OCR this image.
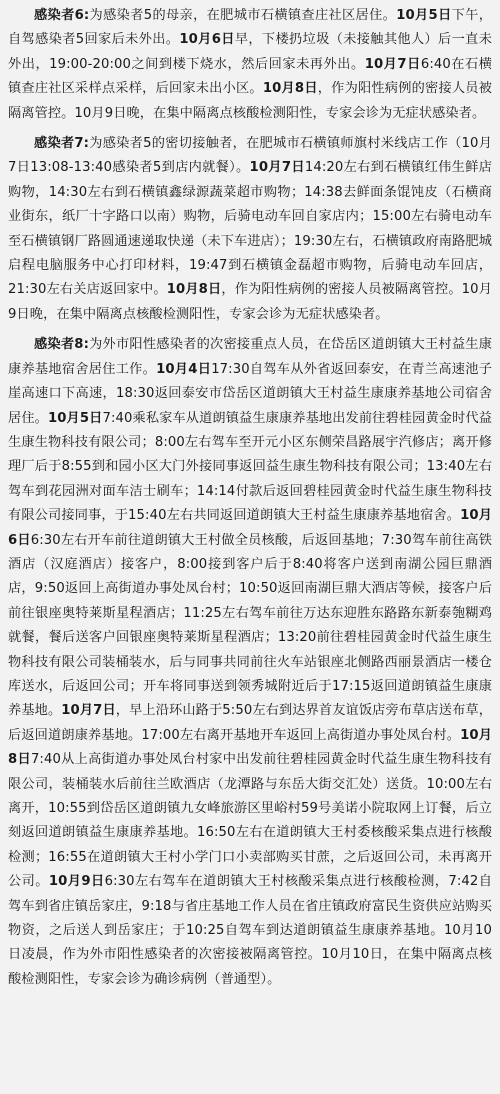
感染者6:为感染者5的母亲，在肥城市石横镇查庄社区居住。10月5日下午，自驾感染者5回家后未外出。10月6日早，下楼扔垃圾（未接触其他人）后一直未外出，19:00-20:00之间到楼下烧水，然后回家未再外出。10月7日6:40在石横镇查庄社区采样点采样，后回家未出小区。10月8日，作为阳性病例的密接人员被隔离管控。10月9日晚，在集中隔离点核酸检测阳性，专家会诊为无症状感染者。

感染者7:为感染者5的密切接触者，在肥城市石横镇师旗村米线店工作（10月7日13:08-13:40感染者5到店内就餐）。10月7日14:20左右到石横镇红伟生鲜店购物，14:30左右到石横镇鑫绿源蔬菜超市购物；14:38去鲜面条馄饨皮（石横商业街东，纸厂十字路口以南）购物，后骑电动车回自家店内；15:00左右骑电动车至石横镇钢厂路圆通速递取快递（未下车进店）；19:30左右，石横镇政府南路肥城启程电脑服务中心打印材料，19:47到石横镇金磊超市购物，后骑电动车回店，21:30左右关店返回家中。10月8日，作为阳性病例的密接人员被隔离管控。10月9日晚，在集中隔离点核酸检测阳性，专家会诊为无症状感染者。

感染者8:为外市阳性感染者的次密接重点人员，在岱岳区道朗镇大王村益生康康养基地宿舍居住工作。10月4日17:30自驾车从外省返回泰安，在青兰高速池子崖高速口下高速，18:30返回泰安市岱岳区道朗镇大王村益生康康养基地公司宿舍居住。10月5日7:40乘私家车从道朗镇益生康康养基地出发前往碧桂园黄金时代益生康生物科技有限公司；8:00左右驾车至开元小区东侧荣昌路展宇汽修店；离开修理厂后于8:55到和园小区大门外接同事返回益生康生物科技有限公司；13:40左右驾车到花园洲对面车洁士刷车；14:14付款后返回碧桂园黄金时代益生康生物科技有限公司接同事，于15:40左右共同返回道朗镇大王村益生康康养基地宿舍。10月6日6:30左右开车前往道朗镇大王村做全员核酸，后返回基地；7:30驾车前往高铁酒店（汉庭酒店）接客户，8:00接到客户后于8:40将客户送到南湖公园巨鼎酒店，9:50返回上高街道办事处凤台村；10:50返回南湖巨鼎大酒店等候，接客户后前往银座奥特莱斯星程酒店；11:25左右驾车前往万达东迎胜东路路东新泰匏糊鸡就餐，餐后送客户回银座奥特莱斯星程酒店；13:20前往碧桂园黄金时代益生康生物科技有限公司装桶装水，后与同事共同前往火车站银座北侧路西丽景酒店一楼仓库送水，后返回公司；开车将同事送到领秀城附近后于17:15返回道朗镇益生康康养基地。10月7日，早上沿环山路于5:50左右到达界首友谊饭店旁布草店送布草，后返回道朗康养基地。17:00左右离开基地开车返回上高街道办事处凤台村。10月8日7:40从上高街道办事处凤台村家中出发前往碧桂园黄金时代益生康生物科技有限公司，装桶装水后前往兰欧酒店（龙潭路与东岳大街交汇处）送货。10:00左右离开，10:55到岱岳区道朗镇九女峰旅游区里峪村59号美诺小院取网上订餐，后立刻返回道朗镇益生康康养基地。16:50左右在道朗镇大王村委核酸采集点进行核酸检测；16:55在道朗镇大王村小学门口小卖部购买甘蔗，之后返回公司，未再离开公司。10月9日6:30左右驾车在道朗镇大王村核酸采集点进行核酸检测，7:42自驾车到省庄镇岳家庄，9:18与省庄基地工作人员在省庄镇政府富民生资供应站购买物资，之后送人到岳家庄；于10:25自驾车到达道朗镇益生康康养基地。10月10日凌晨，作为外市阳性感染者的次密接被隔离管控。10月10日，在集中隔离点核酸检测阳性，专家会诊为确诊病例（普通型）。
